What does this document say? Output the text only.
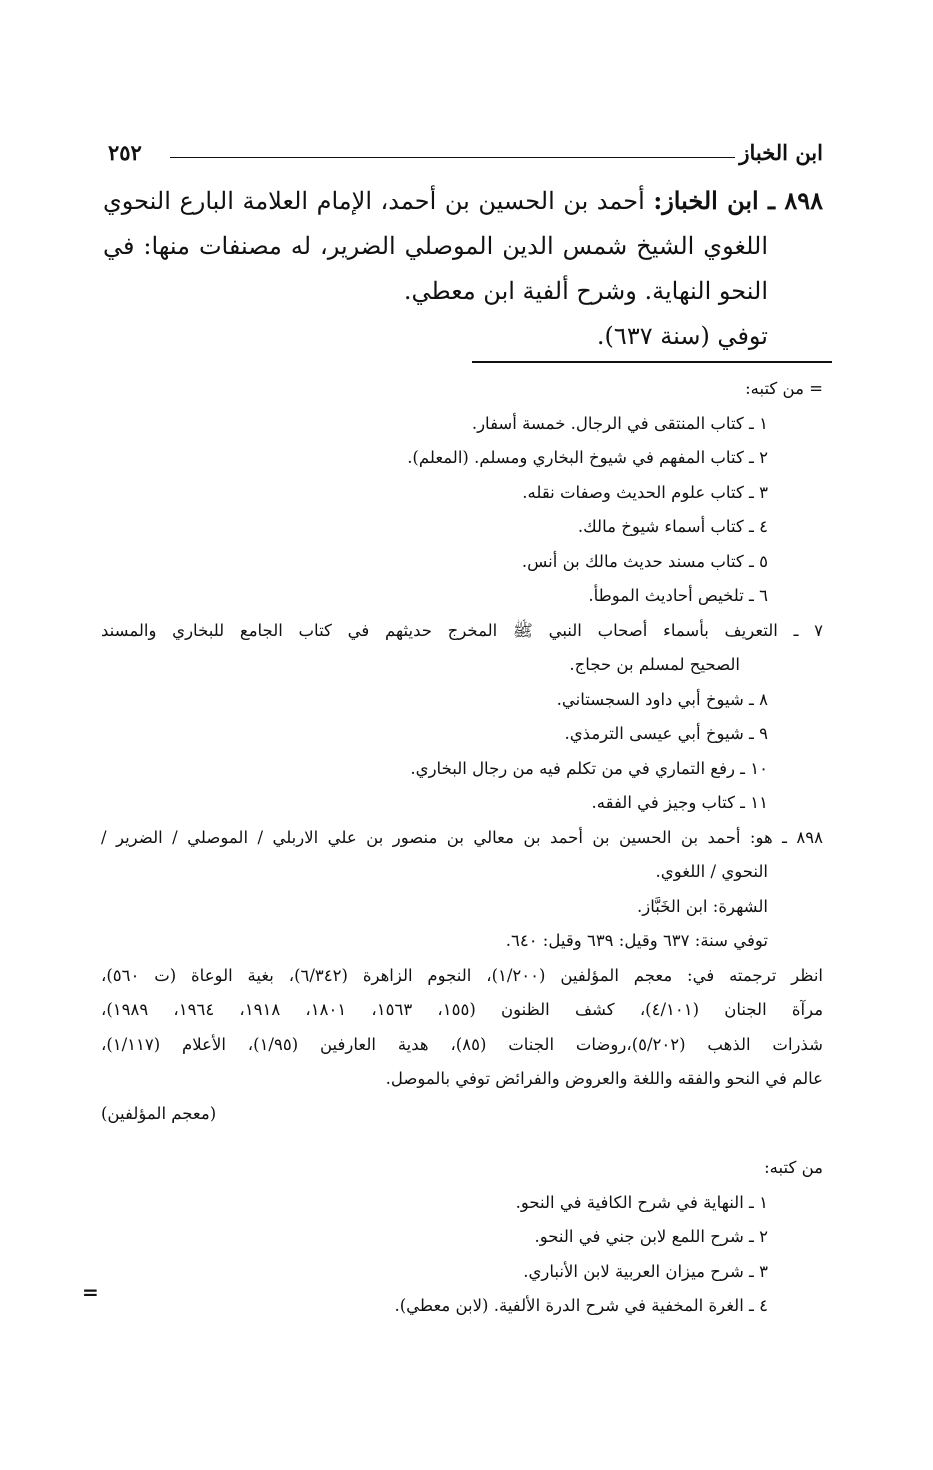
ابن الخباز
٢٥٢
٨٩٨ ـ ابن الخباز: أحمد بن الحسين بن أحمد، الإمام العلامة البارع النحوي
اللغوي الشيخ شمس الدين الموصلي الضرير، له مصنفات منها: في
النحو النهاية. وشرح ألفية ابن معطي.
توفي (سنة ٦٣٧).
= من كتبه:
١ ـ كتاب المنتقى في الرجال. خمسة أسفار.
٢ ـ كتاب المفهم في شيوخ البخاري ومسلم. (المعلم).
٣ ـ كتاب علوم الحديث وصفات نقله.
٤ ـ كتاب أسماء شيوخ مالك.
٥ ـ كتاب مسند حديث مالك بن أنس.
٦ ـ تلخيص أحاديث الموطأ.
٧ ـ التعريف بأسماء أصحاب النبي ﷺ المخرج حديثهم في كتاب الجامع للبخاري والمسند
الصحيح لمسلم بن حجاج.
٨ ـ شيوخ أبي داود السجستاني.
٩ ـ شيوخ أبي عيسى الترمذي.
١٠ ـ رفع التماري في من تكلم فيه من رجال البخاري.
١١ ـ كتاب وجيز في الفقه.
٨٩٨ ـ هو: أحمد بن الحسين بن أحمد بن معالي بن منصور بن علي الاربلي / الموصلي / الضرير /
النحوي / اللغوي.
الشهرة: ابن الخَبَّاز.
توفي سنة: ٦٣٧ وقيل: ٦٣٩ وقيل: ٦٤٠.
انظر ترجمته في: معجم المؤلفين (١/٢٠٠)، النجوم الزاهرة (٦/٣٤٢)، بغية الوعاة (ت ٥٦٠)،
مرآة الجنان (٤/١٠١)، كشف الظنون (١٥٥، ١٥٦٣، ١٨٠١، ١٩١٨، ١٩٦٤، ١٩٨٩)،
شذرات الذهب (٥/٢٠٢)،روضات الجنات (٨٥)، هدية العارفين (١/٩٥)، الأعلام (١/١١٧)،
عالم في النحو والفقه واللغة والعروض والفرائض توفي بالموصل.
(معجم المؤلفين)
من كتبه:
١ ـ النهاية في شرح الكافية في النحو.
٢ ـ شرح اللمع لابن جني في النحو.
٣ ـ شرح ميزان العربية لابن الأنباري.
٤ ـ الغرة المخفية في شرح الدرة الألفية. (لابن معطي).
=
